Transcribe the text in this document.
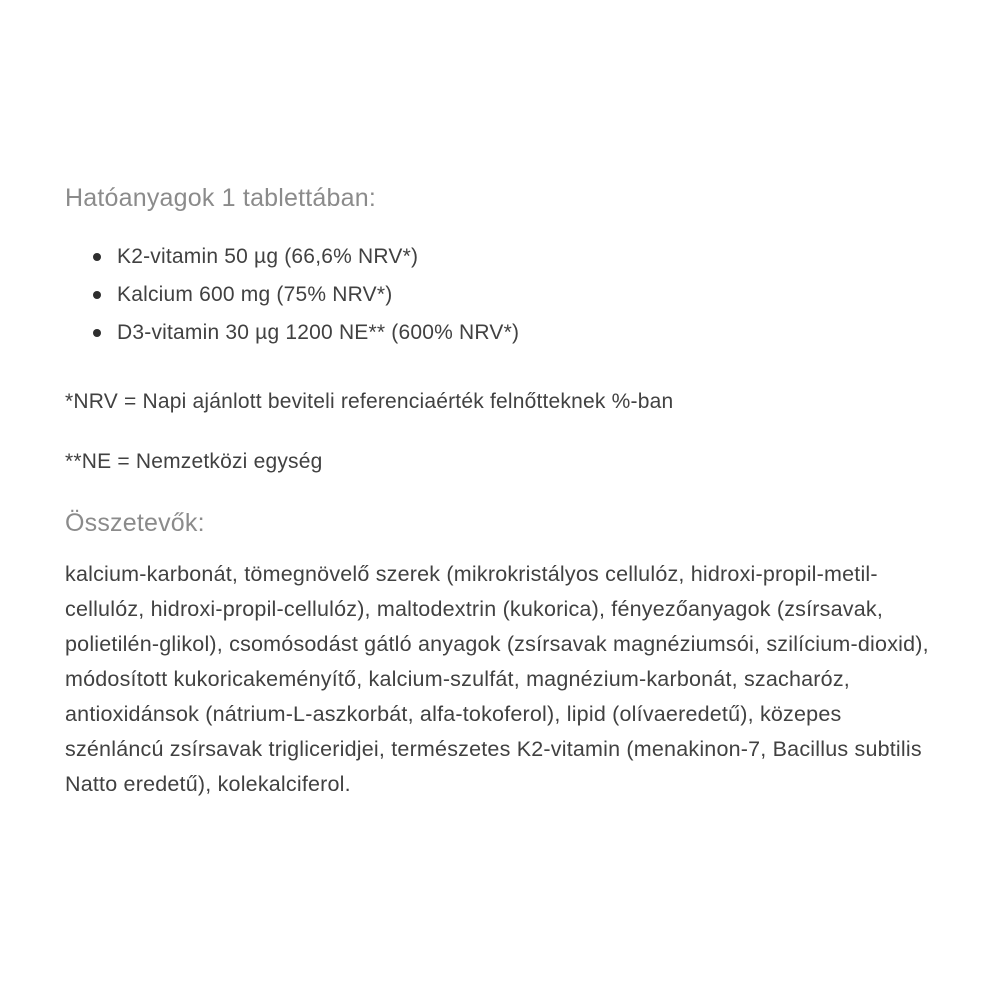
Hatóanyagok 1 tablettában:
K2-vitamin 50 µg (66,6% NRV*)
Kalcium 600 mg (75% NRV*)
D3-vitamin 30 µg 1200 NE** (600% NRV*)

*NRV = Napi ajánlott beviteli referenciaérték felnőtteknek %-ban

**NE = Nemzetközi egység

Összetevők:

kalcium-karbonát, tömegnövelő szerek (mikrokristályos cellulóz, hidroxi-propil-metil-cellulóz, hidroxi-propil-cellulóz), maltodextrin (kukorica), fényezőanyagok (zsírsavak, polietilén-glikol), csomósodást gátló anyagok (zsírsavak magnéziumsói, szilícium-dioxid), módosított kukoricakeményítő, kalcium-szulfát, magnézium-karbonát, szacharóz, antioxidánsok (nátrium-L-aszkorbát, alfa-tokoferol), lipid (olívaeredetű), közepes szénláncú zsírsavak trigliceridjei, természetes K2-vitamin (menakinon-7, Bacillus subtilis Natto eredetű), kolekalciferol.
